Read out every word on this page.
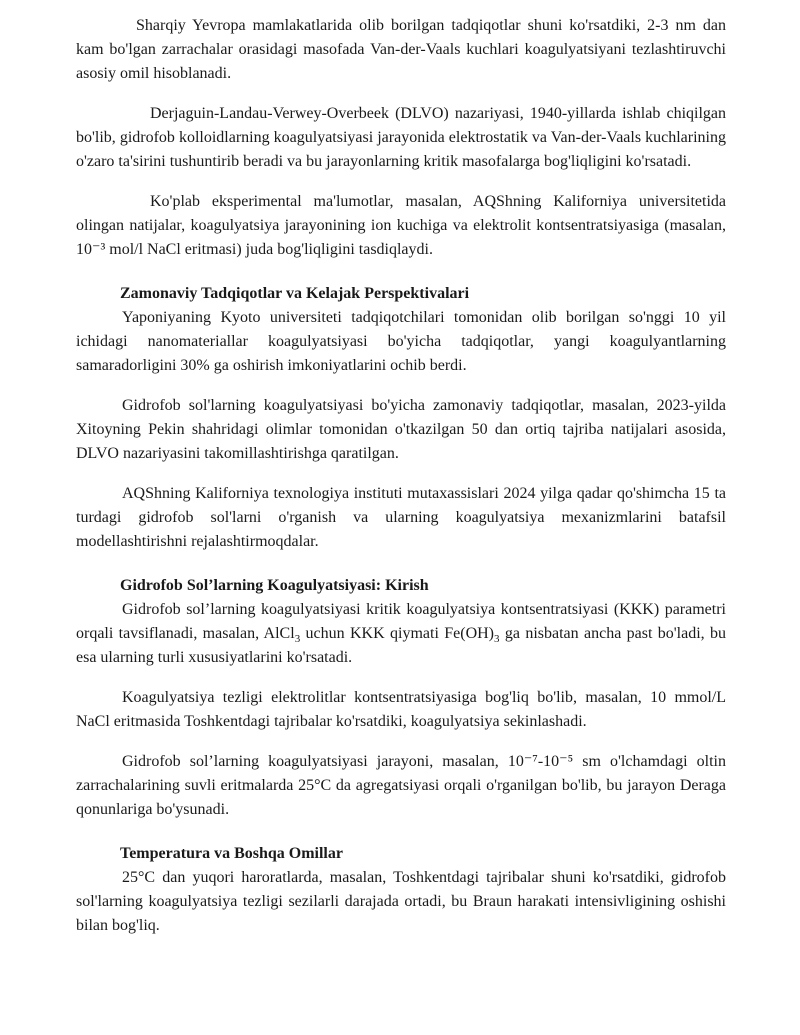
Sharqiy Yevropa mamlakatlarida olib borilgan tadqiqotlar shuni ko'rsatdiki, 2-3 nm dan kam bo'lgan zarrachalar orasidagi masofada Van-der-Vaals kuchlari koagulyatsiyani tezlashtiruvchi asosiy omil hisoblanadi.

Derjaguin-Landau-Verwey-Overbeek (DLVO) nazariyasi, 1940-yillarda ishlab chiqilgan bo'lib, gidrofob kolloidlarning koagulyatsiyasi jarayonida elektrostatik va Van-der-Vaals kuchlarining o'zaro ta'sirini tushuntirib beradi va bu jarayonlarning kritik masofalarga bog'liqligini ko'rsatadi.

Ko'plab eksperimental ma'lumotlar, masalan, AQShning Kaliforniya universitetida olingan natijalar, koagulyatsiya jarayonining ion kuchiga va elektrolit kontsentratsiyasiga (masalan, 10⁻³ mol/l NaCl eritmasi) juda bog'liqligini tasdiqlaydi.

Zamonaviy Tadqiqotlar va Kelajak Perspektivalari

Yaponiyaning Kyoto universiteti tadqiqotchilari tomonidan olib borilgan so'nggi 10 yil ichidagi nanomateriallar koagulyatsiyasi bo'yicha tadqiqotlar, yangi koagulyantlarning samaradorligini 30% ga oshirish imkoniyatlarini ochib berdi.

Gidrofob sol'larning koagulyatsiyasi bo'yicha zamonaviy tadqiqotlar, masalan, 2023-yilda Xitoyning Pekin shahridagi olimlar tomonidan o'tkazilgan 50 dan ortiq tajriba natijalari asosida, DLVO nazariyasini takomillashtirishga qaratilgan.

AQShning Kaliforniya texnologiya instituti mutaxassislari 2024 yilga qadar qo'shimcha 15 ta turdagi gidrofob sol'larni o'rganish va ularning koagulyatsiya mexanizmlarini batafsil modellashtirishni rejalashtirmoqdalar.

Gidrofob Sol’larning Koagulyatsiyasi: Kirish

Gidrofob sol’larning koagulyatsiyasi kritik koagulyatsiya kontsentratsiyasi (KKK) parametri orqali tavsiflanadi, masalan, AlCl$_3$ uchun KKK qiymati $Fe(OH)_3$ ga nisbatan ancha past bo'ladi, bu esa ularning turli xususiyatlarini ko'rsatadi.

Koagulyatsiya tezligi elektrolitlar kontsentratsiyasiga bog'liq bo'lib, masalan, 10 mmol/L NaCl eritmasida Toshkentdagi tajribalar ko'rsatdiki, koagulyatsiya sekinlashadi.

Gidrofob sol’larning koagulyatsiyasi jarayoni, masalan, 10⁻⁷-10⁻⁵ sm o'lchamdagi oltin zarrachalarining suvli eritmalarda 25°C da agregatsiyasi orqali o'rganilgan bo'lib, bu jarayon Deraga qonunlariga bo'ysunadi.

Temperatura va Boshqa Omillar

25°C dan yuqori haroratlarda, masalan, Toshkentdagi tajribalar shuni ko'rsatdiki, gidrofob sol'larning koagulyatsiya tezligi sezilarli darajada ortadi, bu Braun harakati intensivligining oshishi bilan bog'liq.
